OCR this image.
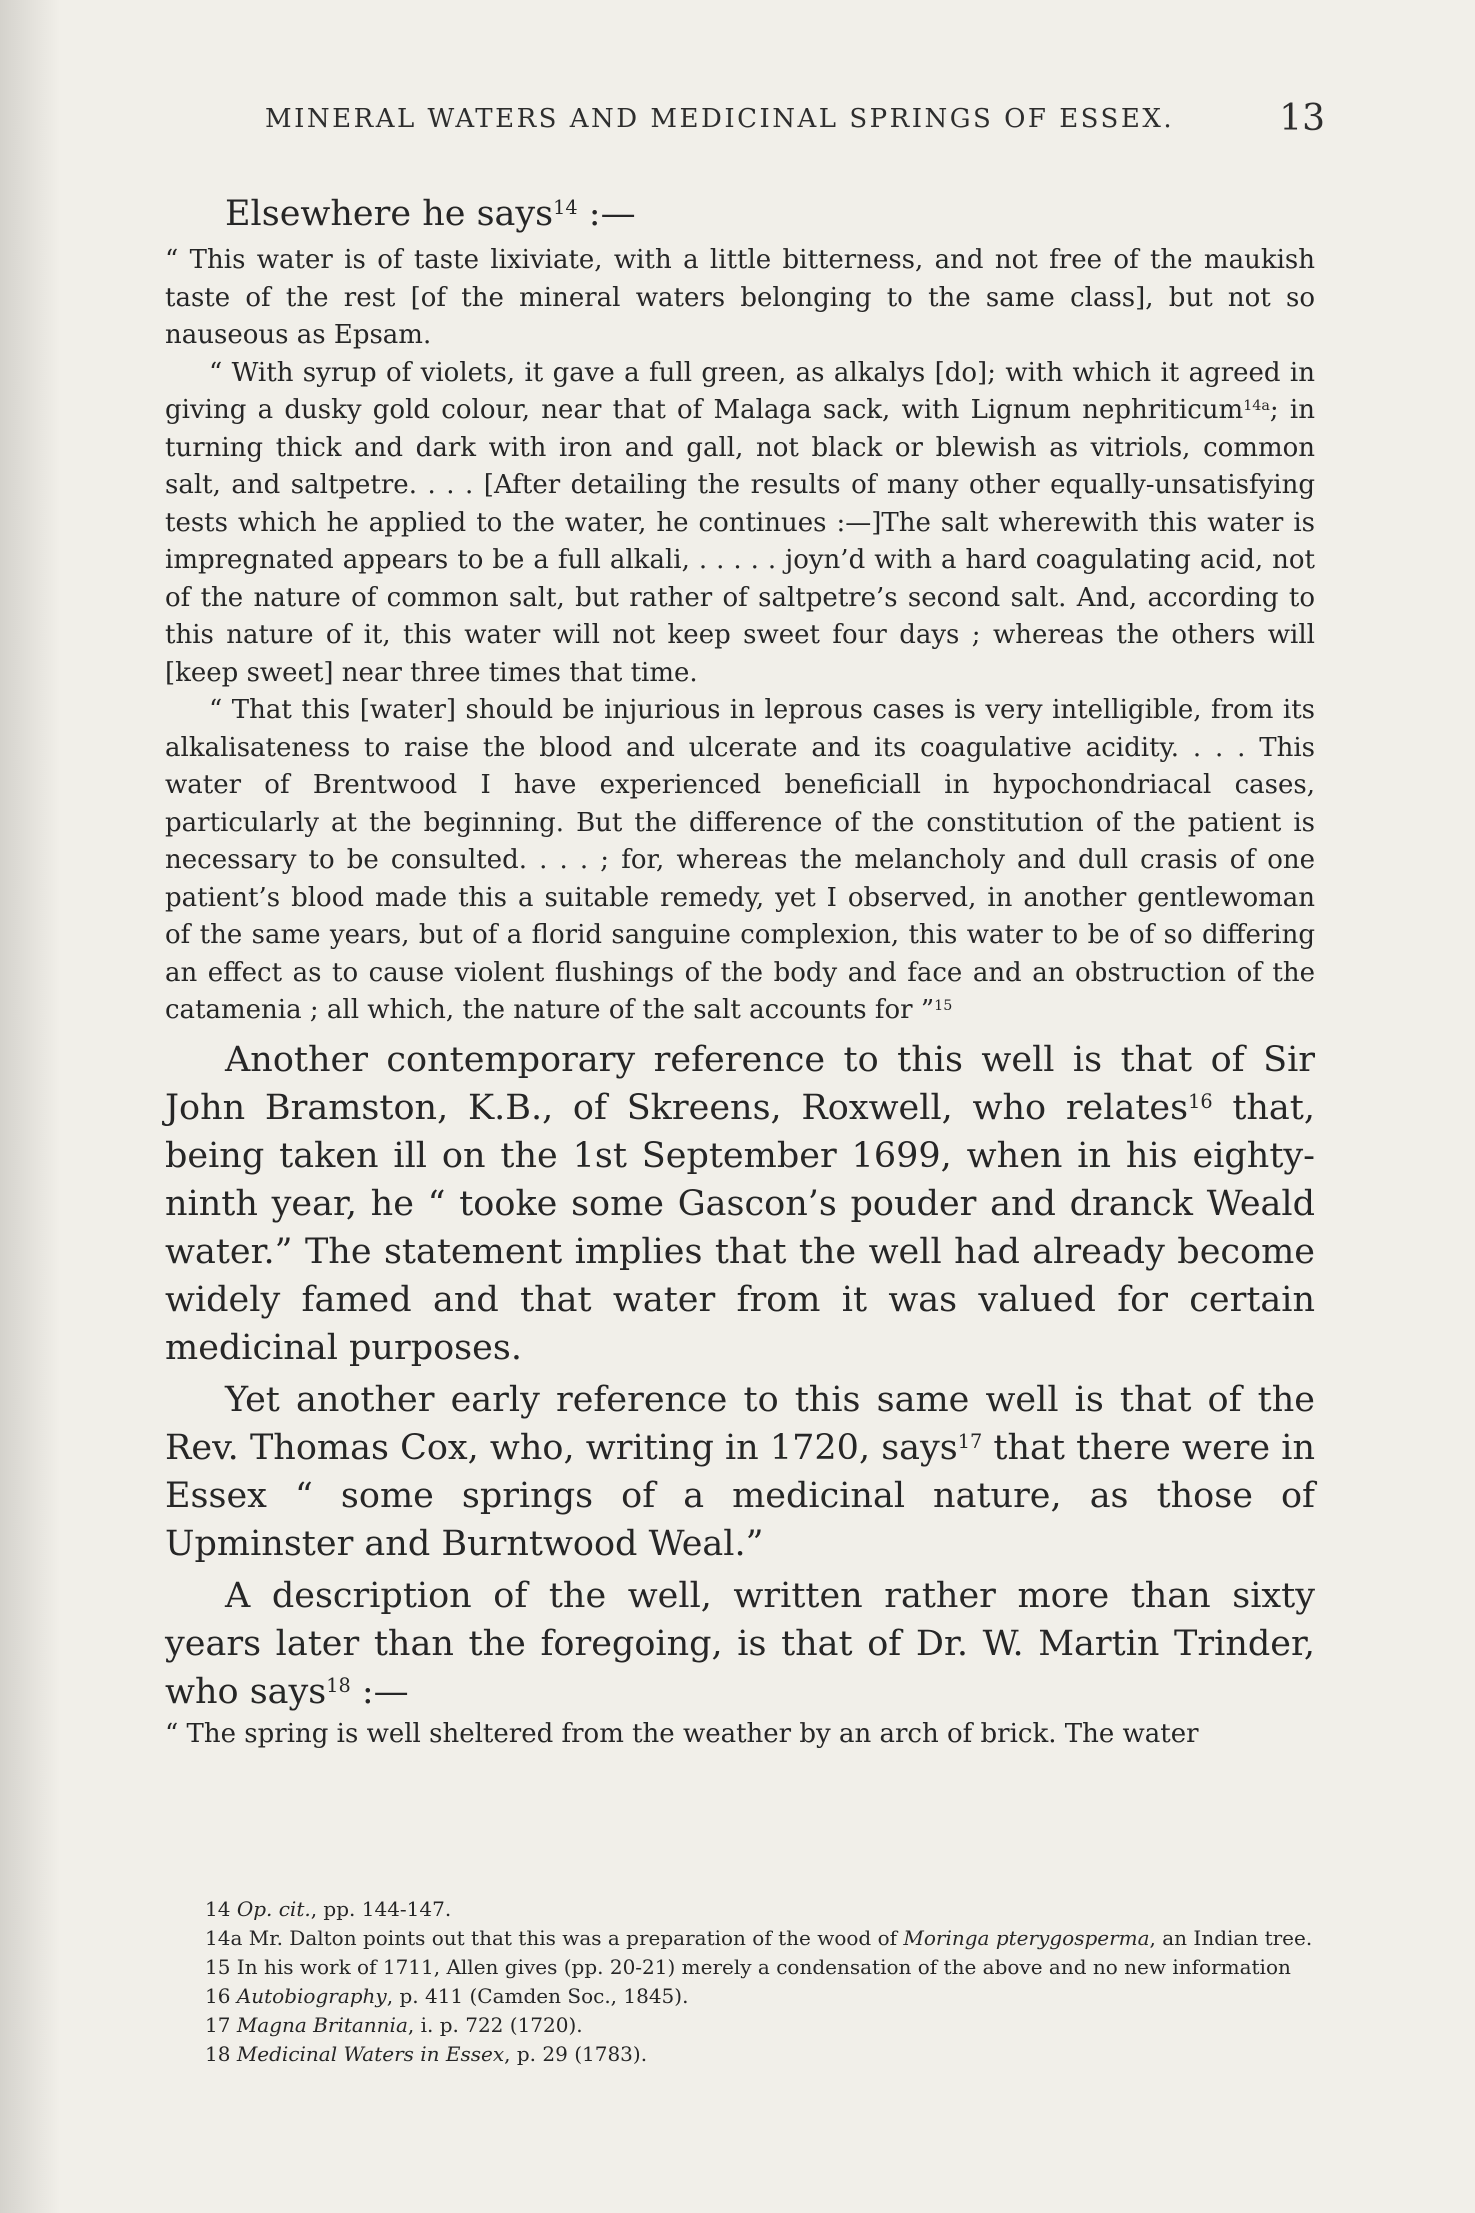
MINERAL WATERS AND MEDICINAL SPRINGS OF ESSEX.	13

Elsewhere he says$^{14}$ :—

“ This water is of taste lixiviate, with a little bitterness, and not free of the maukish taste of the rest [of the mineral waters belonging to the same class], but not so nauseous as Epsam.

“ With syrup of violets, it gave a full green, as alkalys [do]; with which it agreed in giving a dusky gold colour, near that of Malaga sack, with Lignum nephriticum$^{14a}$; in turning thick and dark with iron and gall, not black or blewish as vitriols, common salt, and saltpetre. . . . [After detailing the results of many other equally-unsatisfying tests which he applied to the water, he continues :—]The salt wherewith this water is impregnated appears to be a full alkali, . . . . . joyn’d with a hard coagulating acid, not of the nature of common salt, but rather of saltpetre’s second salt. And, according to this nature of it, this water will not keep sweet four days ; whereas the others will [keep sweet] near three times that time.

“ That this [water] should be injurious in leprous cases is very intelligible, from its alkalisateness to raise the blood and ulcerate and its coagulative acidity. . . . This water of Brentwood I have experienced beneficiall in hypochondriacal cases, particularly at the beginning. But the difference of the constitution of the patient is necessary to be consulted. . . . ; for, whereas the melancholy and dull crasis of one patient’s blood made this a suitable remedy, yet I observed, in another gentlewoman of the same years, but of a florid sanguine complexion, this water to be of so differing an effect as to cause violent flushings of the body and face and an obstruction of the catamenia ; all which, the nature of the salt accounts for ”$^{15}$

Another contemporary reference to this well is that of Sir John Bramston, K.B., of Skreens, Roxwell, who relates$^{16}$ that, being taken ill on the 1st September 1699, when in his eighty-ninth year, he “ tooke some Gascon’s pouder and dranck Weald water.” The statement implies that the well had already become widely famed and that water from it was valued for certain medicinal purposes.

Yet another early reference to this same well is that of the Rev. Thomas Cox, who, writing in 1720, says$^{17}$ that there were in Essex “ some springs of a medicinal nature, as those of Upminster and Burntwood Weal.”

A description of the well, written rather more than sixty years later than the foregoing, is that of Dr. W. Martin Trinder, who says$^{18}$ :—

“ The spring is well sheltered from the weather by an arch of brick. The water

14 Op. cit., pp. 144-147.
14a Mr. Dalton points out that this was a preparation of the wood of Moringa pterygosperma, an Indian tree.
15 In his work of 1711, Allen gives (pp. 20-21) merely a condensation of the above and no new information
16 Autobiography, p. 411 (Camden Soc., 1845).
17 Magna Britannia, i. p. 722 (1720).
18 Medicinal Waters in Essex, p. 29 (1783).
